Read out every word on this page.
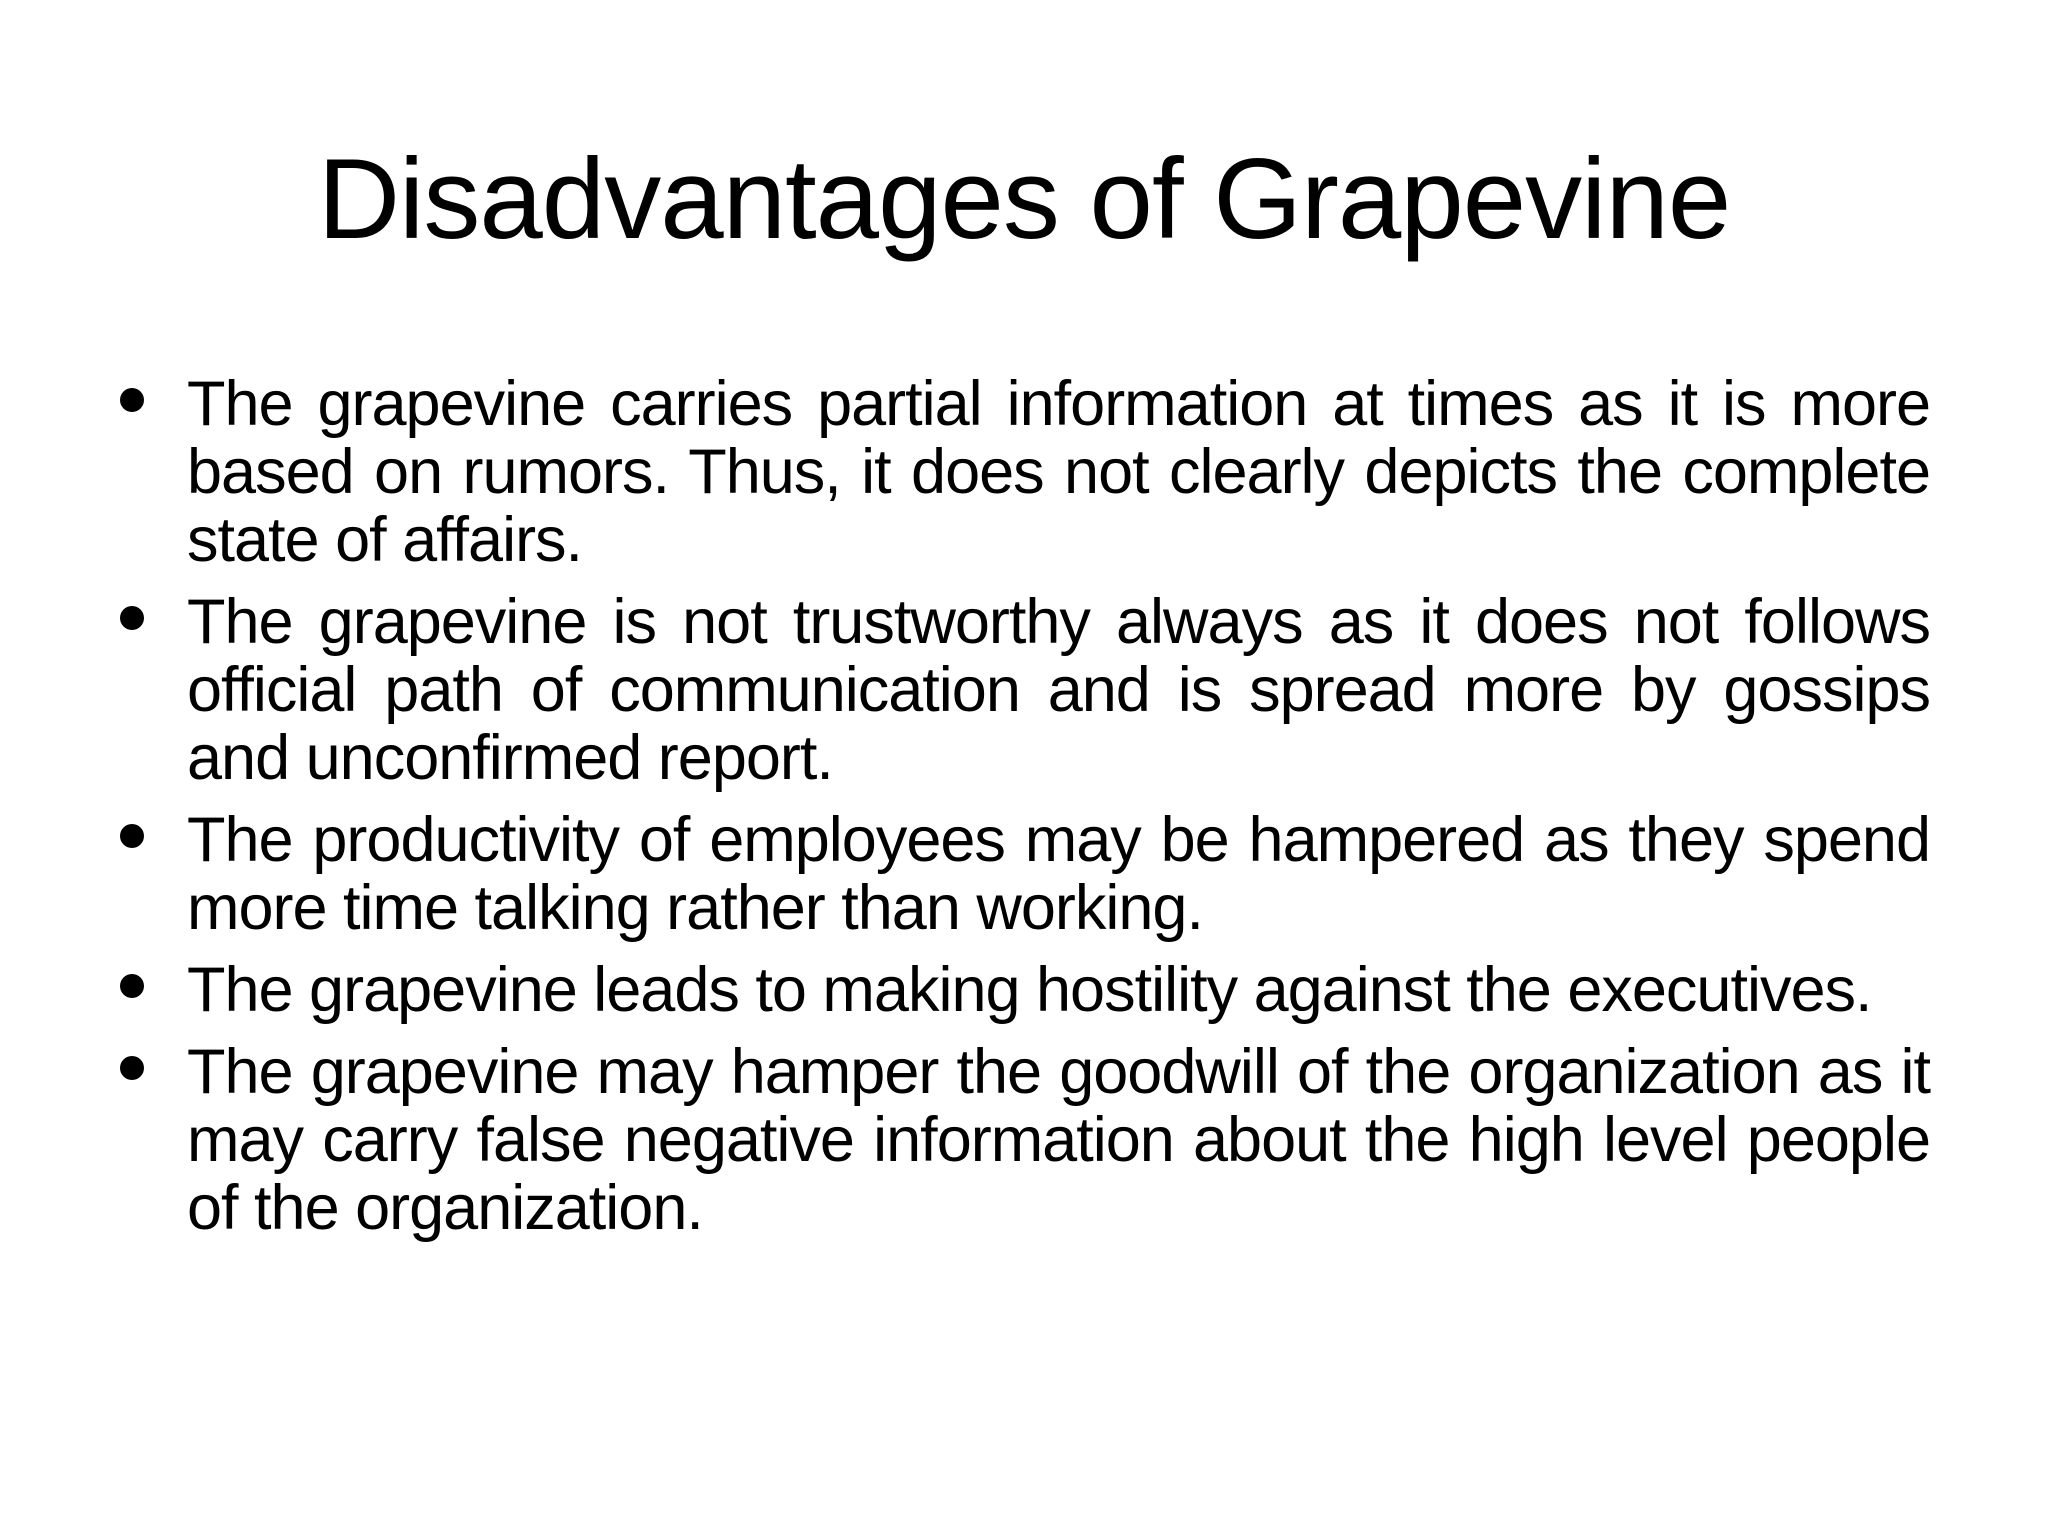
Disadvantages of Grapevine
The grapevine carries partial information at times as it is more based on rumors. Thus, it does not clearly depicts the complete state of affairs.
The grapevine is not trustworthy always as it does not follows official path of communication and is spread more by gossips and unconfirmed report.
The productivity of employees may be hampered as they spend more time talking rather than working.
The grapevine leads to making hostility against the executives.
The grapevine may hamper the goodwill of the organization as it may carry false negative information about the high level people of the organization.
